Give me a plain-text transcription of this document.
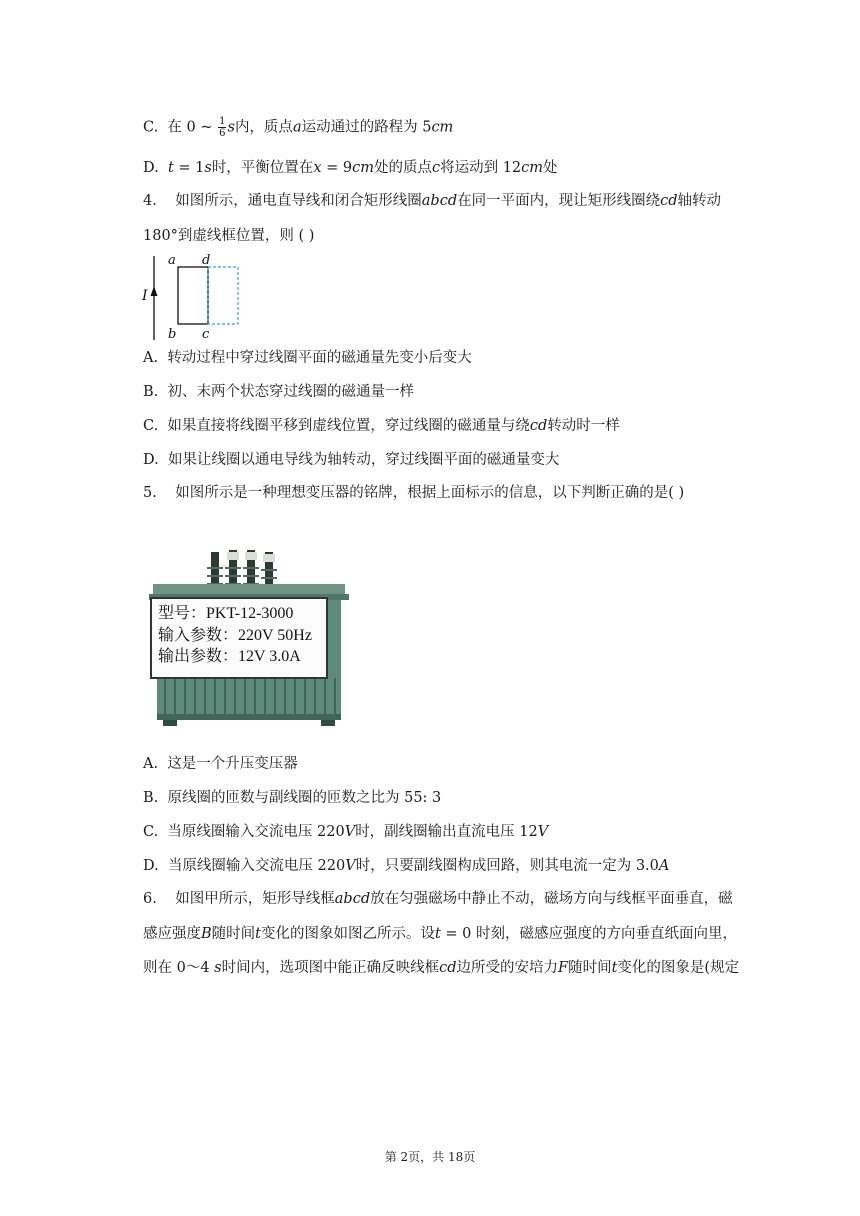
C. 在 0 ~ $\frac{1}{6}$ s内，质点a运动通过的路程为 5cm
D. t = 1s时，平衡位置在x = 9cm处的质点c将运动到 12cm处
4. 如图所示，通电直导线和闭合矩形线圈abcd在同一平面内，现让矩形线圈绕cd轴转动
180°到虚线框位置，则 ( )
I
a d
b c
A. 转动过程中穿过线圈平面的磁通量先变小后变大
B. 初、末两个状态穿过线圈的磁通量一样
C. 如果直接将线圈平移到虚线位置，穿过线圈的磁通量与绕cd转动时一样
D. 如果让线圈以通电导线为轴转动，穿过线圈平面的磁通量变大
5. 如图所示是一种理想变压器的铭牌，根据上面标示的信息，以下判断正确的是( )
型号：PKT-12-3000
输入参数：220V 50Hz
输出参数：12V 3.0A
A. 这是一个升压变压器
B. 原线圈的匝数与副线圈的匝数之比为 55: 3
C. 当原线圈输入交流电压 220V时，副线圈输出直流电压 12V
D. 当原线圈输入交流电压 220V时，只要副线圈构成回路，则其电流一定为 3.0A
6. 如图甲所示，矩形导线框abcd放在匀强磁场中静止不动，磁场方向与线框平面垂直，磁
感应强度B随时间t变化的图象如图乙所示。设t = 0 时刻，磁感应强度的方向垂直纸面向里，
则在 0～4 s时间内，选项图中能正确反映线框cd边所受的安培力F随时间t变化的图象是(规定
第 2页，共 18页
